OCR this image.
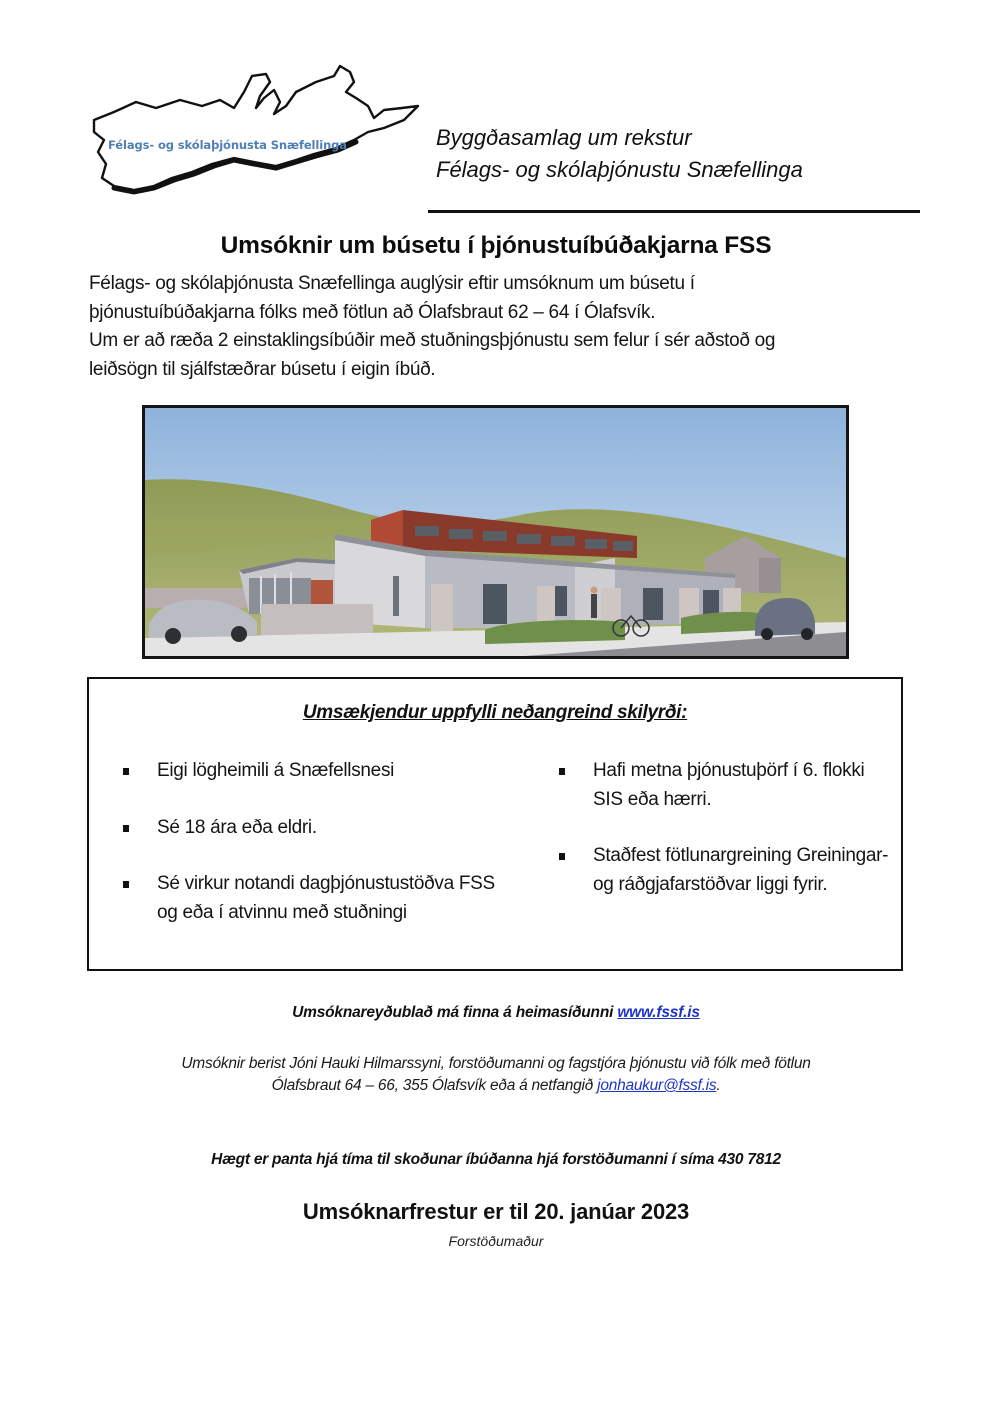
Félags- og skólaþjónusta Snæfellinga	Byggðasamlag um rekstur
Félags- og skólaþjónustu Snæfellinga
Umsóknir um búsetu í þjónustuíbúðakjarna FSS

Félags- og skólaþjónusta Snæfellinga auglýsir eftir umsóknum um búsetu í

þjónustuíbúðakjarna fólks með fötlun að Ólafsbraut 62 – 64 í Ólafsvík.

Um er að ræða 2 einstaklingsíbúðir með stuðningsþjónustu sem felur í sér aðstoð og

leiðsögn til sjálfstæðrar búsetu í eigin íbúð.

Umsækjendur uppfylli neðangreind skilyrði:
Eigi lögheimili á Snæfellsnesi
Sé 18 ára eða eldri.
Sé virkur notandi dagþjónustustöðva FSS og eða í atvinnu með stuðningi
Hafi metna þjónustuþörf í 6. flokki SIS eða hærri.
Staðfest fötlunargreining Greiningar- og ráðgjafarstöðvar liggi fyrir.
Umsóknareyðublað má finna á heimasíðunni www.fssf.is
Umsóknir berist Jóni Hauki Hilmarssyni, forstöðumanni og fagstjóra þjónustu við fólk með fötlun
Ólafsbraut 64 – 66, 355 Ólafsvík eða á netfangið jonhaukur@fssf.is.
Hægt er panta hjá tíma til skoðunar íbúðanna hjá forstöðumanni í síma 430 7812
Umsóknarfrestur er til 20. janúar 2023
Forstöðumaður
